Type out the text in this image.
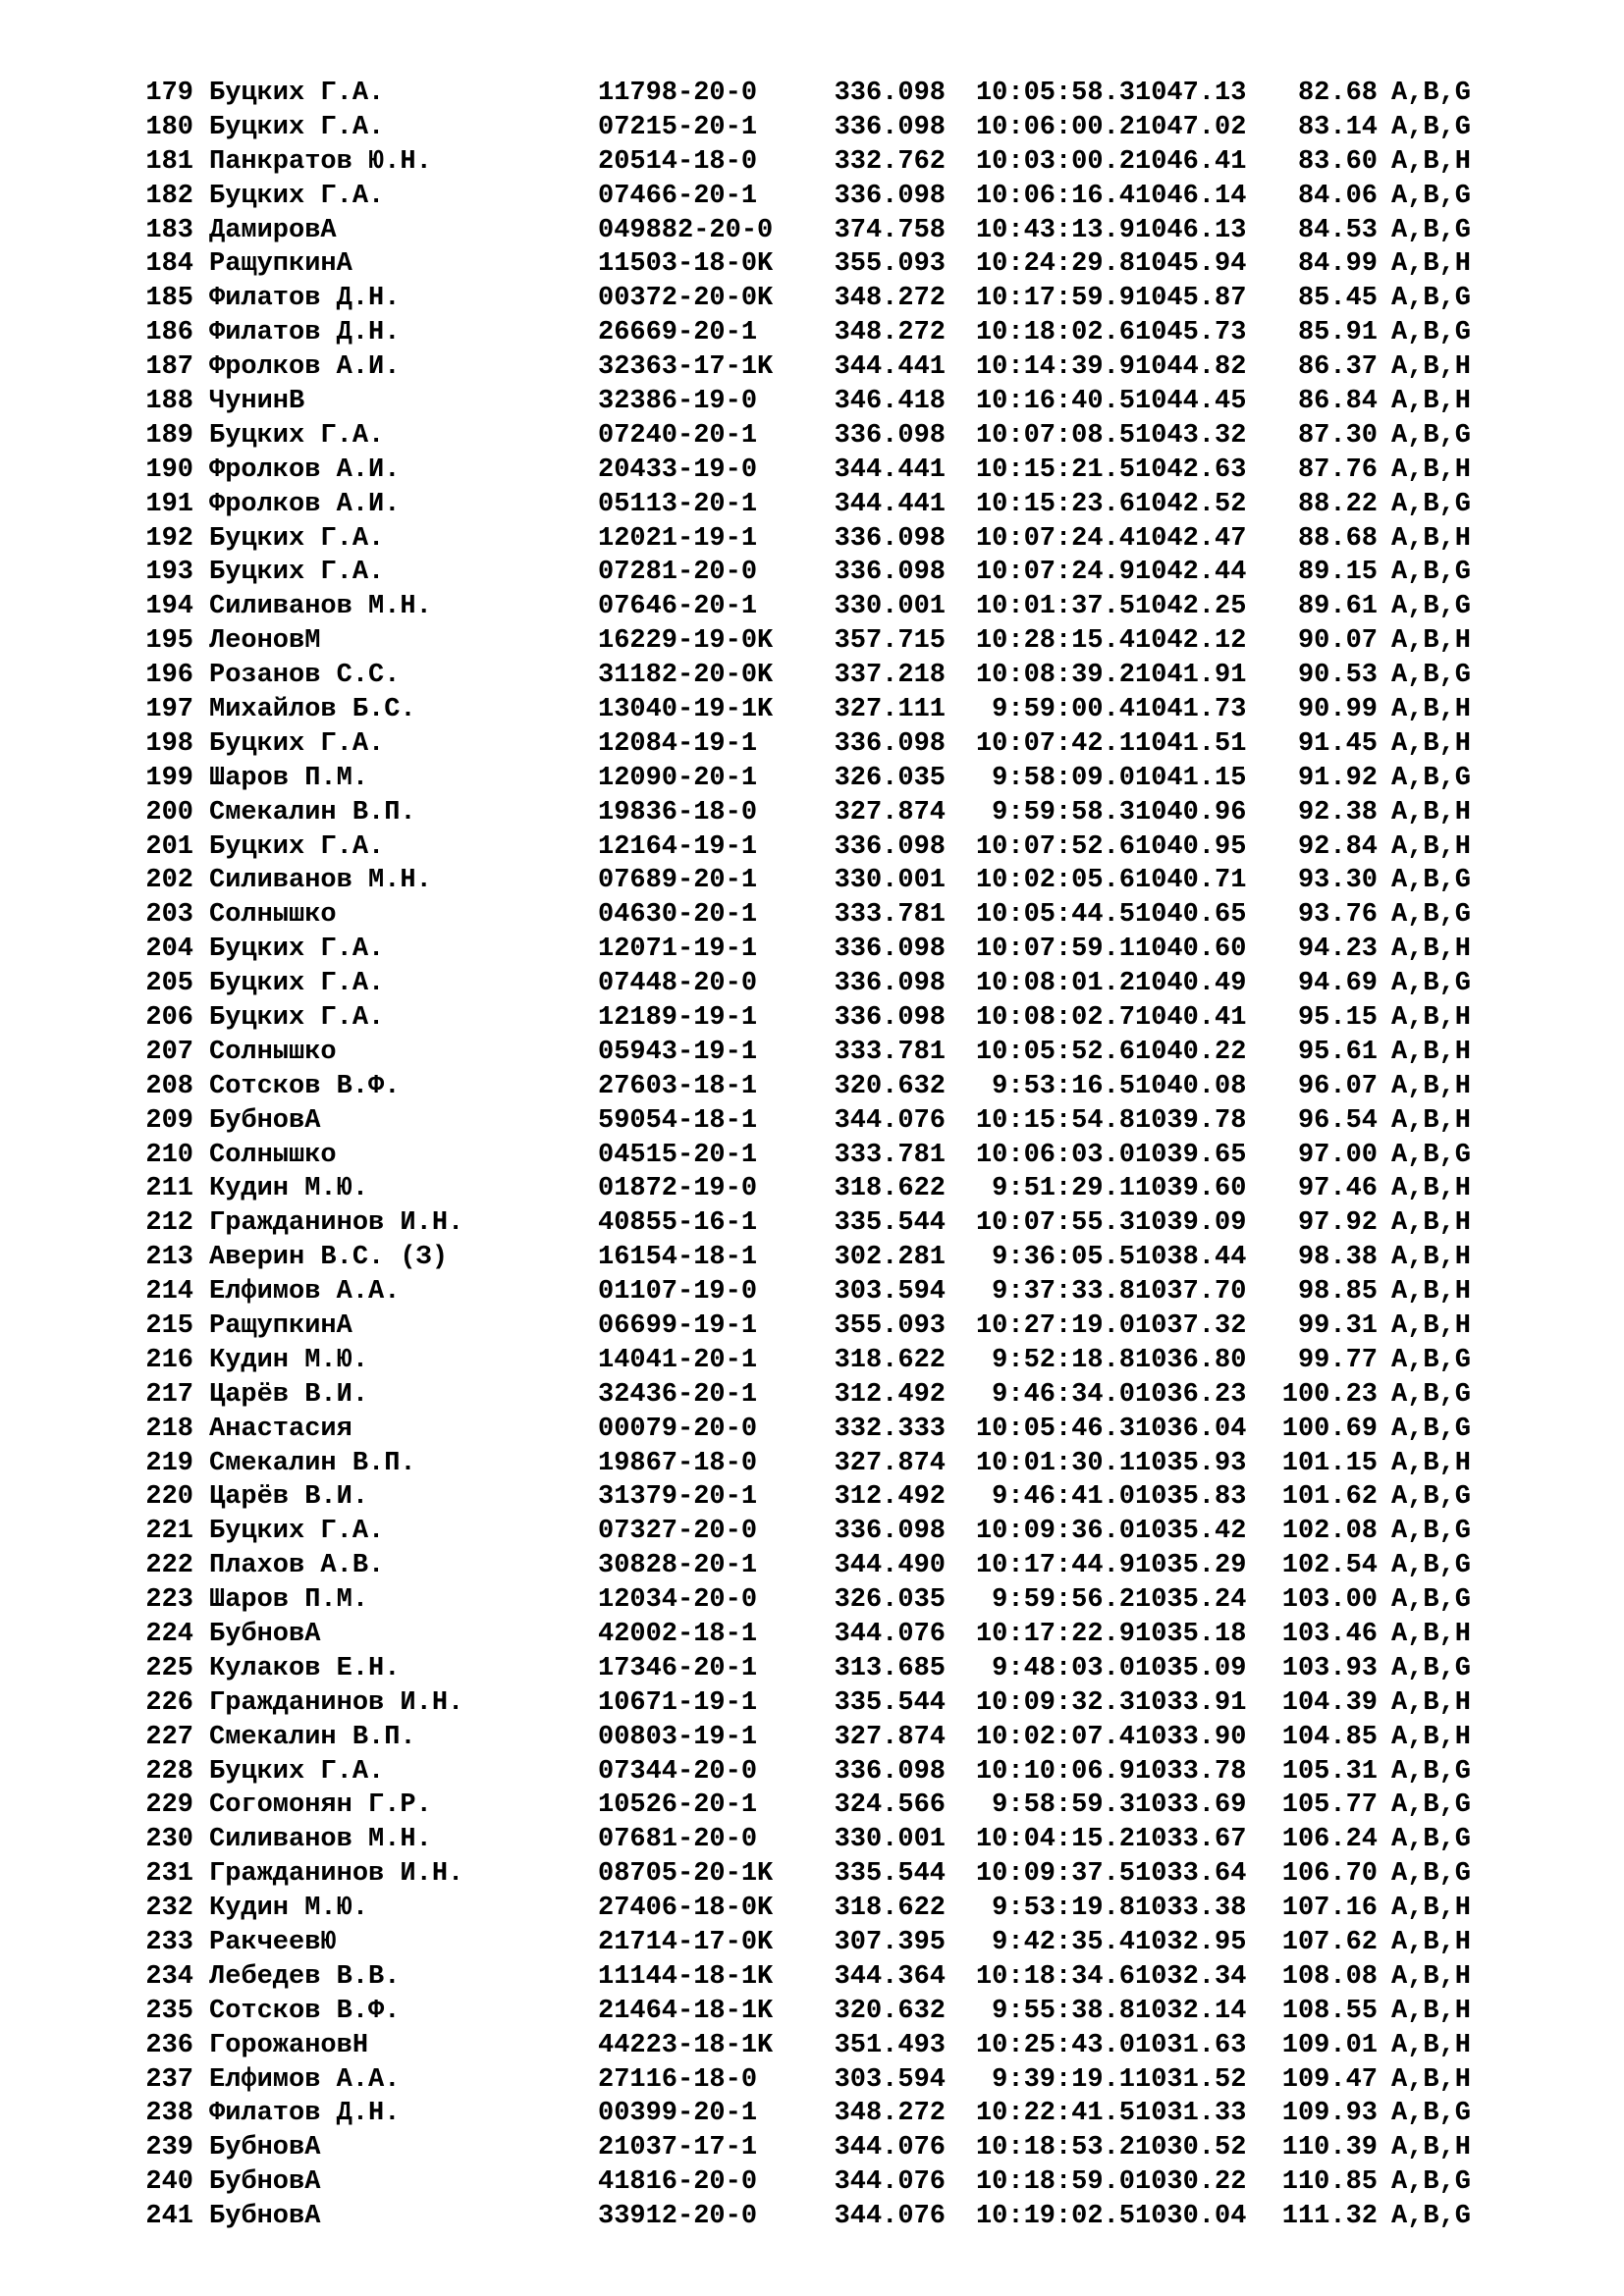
179 Буцких Г.А.	11798-20-0	336.098	10:05:58.3 1047.13	82.68 A,B,G
180 Буцких Г.А.	07215-20-1	336.098	10:06:00.2 1047.02	83.14 A,B,G
181 Панкратов Ю.Н.	20514-18-0	332.762	10:03:00.2 1046.41	83.60 A,B,H
182 Буцких Г.А.	07466-20-1	336.098	10:06:16.4 1046.14	84.06 A,B,G
183 ДамировА	049882-20-0	374.758	10:43:13.9 1046.13	84.53 A,B,G
184 РащупкинА	11503-18-0K	355.093	10:24:29.8 1045.94	84.99 A,B,H
185 Филатов Д.Н.	00372-20-0K	348.272	10:17:59.9 1045.87	85.45 A,B,G
186 Филатов Д.Н.	26669-20-1	348.272	10:18:02.6 1045.73	85.91 A,B,G
187 Фролков А.И.	32363-17-1K	344.441	10:14:39.9 1044.82	86.37 A,B,H
188 ЧунинВ	32386-19-0	346.418	10:16:40.5 1044.45	86.84 A,B,H
189 Буцких Г.А.	07240-20-1	336.098	10:07:08.5 1043.32	87.30 A,B,G
190 Фролков А.И.	20433-19-0	344.441	10:15:21.5 1042.63	87.76 A,B,H
191 Фролков А.И.	05113-20-1	344.441	10:15:23.6 1042.52	88.22 A,B,G
192 Буцких Г.А.	12021-19-1	336.098	10:07:24.4 1042.47	88.68 A,B,H
193 Буцких Г.А.	07281-20-0	336.098	10:07:24.9 1042.44	89.15 A,B,G
194 Силиванов М.Н.	07646-20-1	330.001	10:01:37.5 1042.25	89.61 A,B,G
195 ЛеоновМ	16229-19-0K	357.715	10:28:15.4 1042.12	90.07 A,B,H
196 Розанов С.С.	31182-20-0K	337.218	10:08:39.2 1041.91	90.53 A,B,G
197 Михайлов Б.С.	13040-19-1K	327.111	9:59:00.4 1041.73	90.99 A,B,H
198 Буцких Г.А.	12084-19-1	336.098	10:07:42.1 1041.51	91.45 A,B,H
199 Шаров П.М.	12090-20-1	326.035	9:58:09.0 1041.15	91.92 A,B,G
200 Смекалин В.П.	19836-18-0	327.874	9:59:58.3 1040.96	92.38 A,B,H
201 Буцких Г.А.	12164-19-1	336.098	10:07:52.6 1040.95	92.84 A,B,H
202 Силиванов М.Н.	07689-20-1	330.001	10:02:05.6 1040.71	93.30 A,B,G
203 Солнышко	04630-20-1	333.781	10:05:44.5 1040.65	93.76 A,B,G
204 Буцких Г.А.	12071-19-1	336.098	10:07:59.1 1040.60	94.23 A,B,H
205 Буцких Г.А.	07448-20-0	336.098	10:08:01.2 1040.49	94.69 A,B,G
206 Буцких Г.А.	12189-19-1	336.098	10:08:02.7 1040.41	95.15 A,B,H
207 Солнышко	05943-19-1	333.781	10:05:52.6 1040.22	95.61 A,B,H
208 Сотсков В.Ф.	27603-18-1	320.632	9:53:16.5 1040.08	96.07 A,B,H
209 БубновА	59054-18-1	344.076	10:15:54.8 1039.78	96.54 A,B,H
210 Солнышко	04515-20-1	333.781	10:06:03.0 1039.65	97.00 A,B,G
211 Кудин М.Ю.	01872-19-0	318.622	9:51:29.1 1039.60	97.46 A,B,H
212 Гражданинов И.Н.	40855-16-1	335.544	10:07:55.3 1039.09	97.92 A,B,H
213 Аверин В.С. (З)	16154-18-1	302.281	9:36:05.5 1038.44	98.38 A,B,H
214 Елфимов А.А.	01107-19-0	303.594	9:37:33.8 1037.70	98.85 A,B,H
215 РащупкинА	06699-19-1	355.093	10:27:19.0 1037.32	99.31 A,B,H
216 Кудин М.Ю.	14041-20-1	318.622	9:52:18.8 1036.80	99.77 A,B,G
217 Царёв В.И.	32436-20-1	312.492	9:46:34.0 1036.23	100.23 A,B,G
218 Анастасия	00079-20-0	332.333	10:05:46.3 1036.04	100.69 A,B,G
219 Смекалин В.П.	19867-18-0	327.874	10:01:30.1 1035.93	101.15 A,B,H
220 Царёв В.И.	31379-20-1	312.492	9:46:41.0 1035.83	101.62 A,B,G
221 Буцких Г.А.	07327-20-0	336.098	10:09:36.0 1035.42	102.08 A,B,G
222 Плахов А.В.	30828-20-1	344.490	10:17:44.9 1035.29	102.54 A,B,G
223 Шаров П.М.	12034-20-0	326.035	9:59:56.2 1035.24	103.00 A,B,G
224 БубновА	42002-18-1	344.076	10:17:22.9 1035.18	103.46 A,B,H
225 Кулаков Е.Н.	17346-20-1	313.685	9:48:03.0 1035.09	103.93 A,B,G
226 Гражданинов И.Н.	10671-19-1	335.544	10:09:32.3 1033.91	104.39 A,B,H
227 Смекалин В.П.	00803-19-1	327.874	10:02:07.4 1033.90	104.85 A,B,H
228 Буцких Г.А.	07344-20-0	336.098	10:10:06.9 1033.78	105.31 A,B,G
229 Согомонян Г.Р.	10526-20-1	324.566	9:58:59.3 1033.69	105.77 A,B,G
230 Силиванов М.Н.	07681-20-0	330.001	10:04:15.2 1033.67	106.24 A,B,G
231 Гражданинов И.Н.	08705-20-1K	335.544	10:09:37.5 1033.64	106.70 A,B,G
232 Кудин М.Ю.	27406-18-0K	318.622	9:53:19.8 1033.38	107.16 A,B,H
233 РакчеевЮ	21714-17-0K	307.395	9:42:35.4 1032.95	107.62 A,B,H
234 Лебедев В.В.	11144-18-1K	344.364	10:18:34.6 1032.34	108.08 A,B,H
235 Сотсков В.Ф.	21464-18-1K	320.632	9:55:38.8 1032.14	108.55 A,B,H
236 ГорожановН	44223-18-1K	351.493	10:25:43.0 1031.63	109.01 A,B,H
237 Елфимов А.А.	27116-18-0	303.594	9:39:19.1 1031.52	109.47 A,B,H
238 Филатов Д.Н.	00399-20-1	348.272	10:22:41.5 1031.33	109.93 A,B,G
239 БубновА	21037-17-1	344.076	10:18:53.2 1030.52	110.39 A,B,H
240 БубновА	41816-20-0	344.076	10:18:59.0 1030.22	110.85 A,B,G
241 БубновА	33912-20-0	344.076	10:19:02.5 1030.04	111.32 A,B,G
